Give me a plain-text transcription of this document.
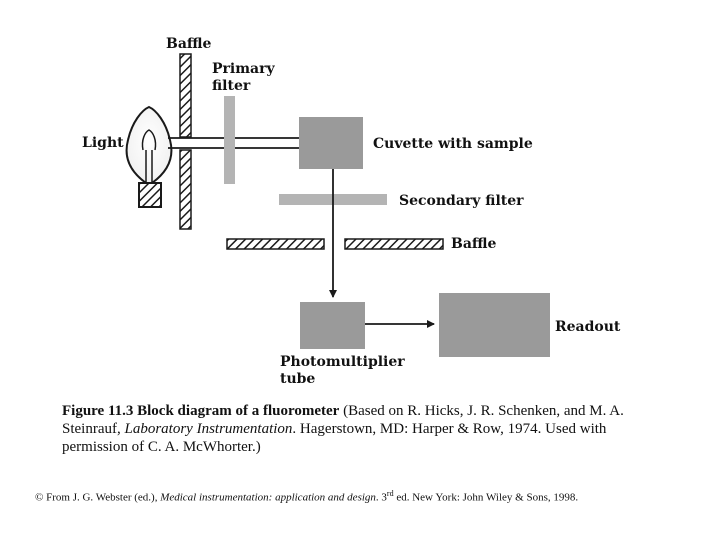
Baffle
Primary
filter
Light	Cuvette with sample
Secondary filter
Baffle
Readout
Photomultiplier
tube
Figure 11.3 Block diagram of a fluorometer (Based on R. Hicks, J. R. Schenken, and M. A. Steinrauf, Laboratory Instrumentation. Hagerstown, MD: Harper & Row, 1974. Used with permission of C. A. McWhorter.)
© From J. G. Webster (ed.), Medical instrumentation: application and design. 3rd ed. New York: John Wiley & Sons, 1998.
